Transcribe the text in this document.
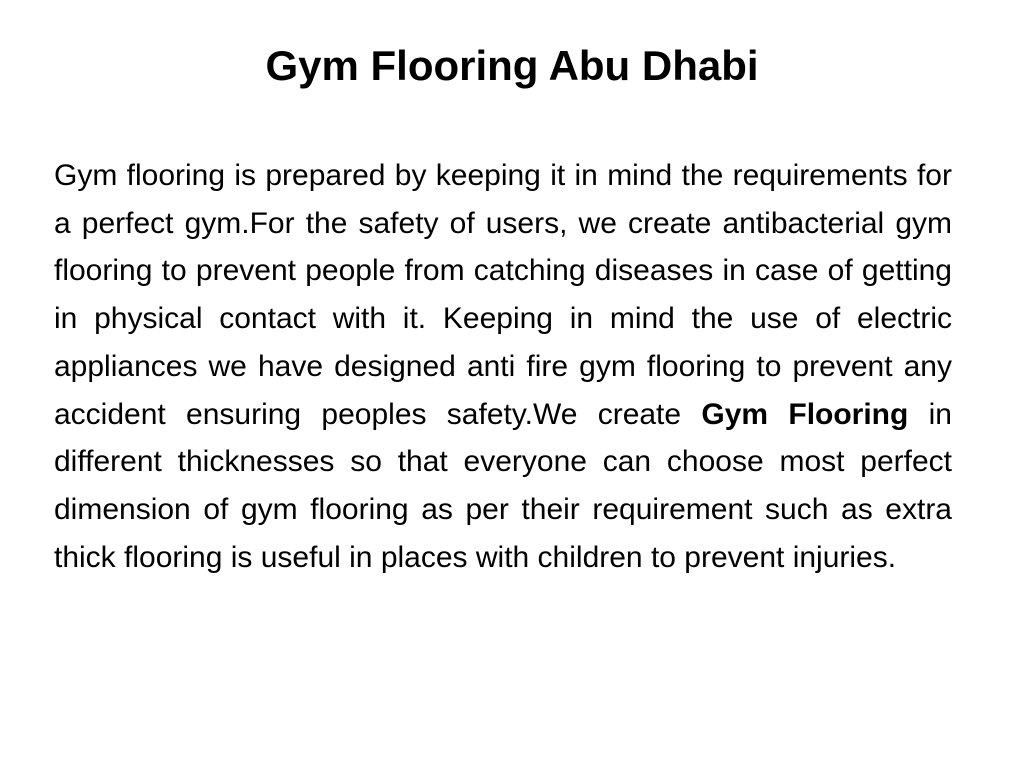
Gym Flooring Abu Dhabi

Gym flooring is prepared by keeping it in mind the requirements for a perfect gym.For the safety of users, we create antibacterial gym flooring to prevent people from catching diseases in case of getting in physical contact with it. Keeping in mind the use of electric appliances we have designed anti fire gym flooring to prevent any accident ensuring peoples safety.We create Gym Flooring in different thicknesses so that everyone can choose most perfect dimension of gym flooring as per their requirement such as extra thick flooring is useful in places with children to prevent injuries.
